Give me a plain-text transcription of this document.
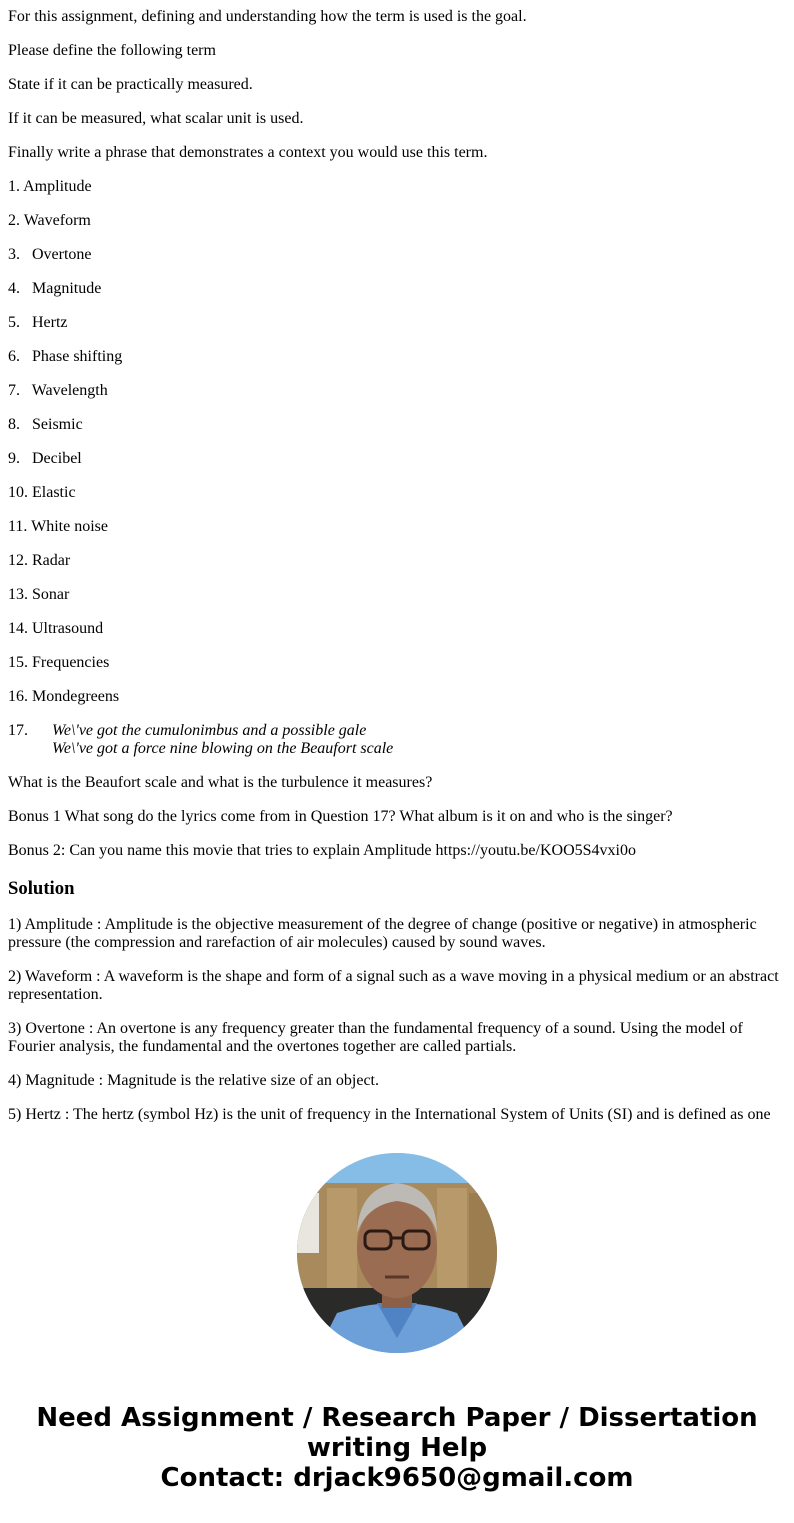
For this assignment, defining and understanding how the term is used is the goal.

Please define the following term

State if it can be practically measured.

If it can be measured, what scalar unit is used.

Finally write a phrase that demonstrates a context you would use this term.

1. Amplitude
2. Waveform
3.   Overtone
4.   Magnitude
5.   Hertz
6.   Phase shifting
7.   Wavelength
8.   Seismic
9.   Decibel
10. Elastic
11. White noise
12. Radar
13. Sonar
14. Ultrasound
15. Frequencies
16. Mondegreens
17.	We\'ve got the cumulonimbus and a possible gale
We\'ve got a force nine blowing on the Beaufort scale

What is the Beaufort scale and what is the turbulence it measures?

Bonus 1 What song do the lyrics come from in Question 17? What album is it on and who is the singer?

Bonus 2: Can you name this movie that tries to explain Amplitude https://youtu.be/KOO5S4vxi0o

Solution

1) Amplitude : Amplitude is the objective measurement of the degree of change (positive or negative) in atmospheric pressure (the compression and rarefaction of air molecules) caused by sound waves.

2) Waveform : A waveform is the shape and form of a signal such as a wave moving in a physical medium or an abstract representation.

3) Overtone : An overtone is any frequency greater than the fundamental frequency of a sound. Using the model of Fourier analysis, the fundamental and the overtones together are called partials.

4) Magnitude : Magnitude is the relative size of an object.

5) Hertz : The hertz (symbol Hz) is the unit of frequency in the International System of Units (SI) and is defined as one

Need Assignment / Research Paper / Dissertation
writing Help
Contact: drjack9650@gmail.com
